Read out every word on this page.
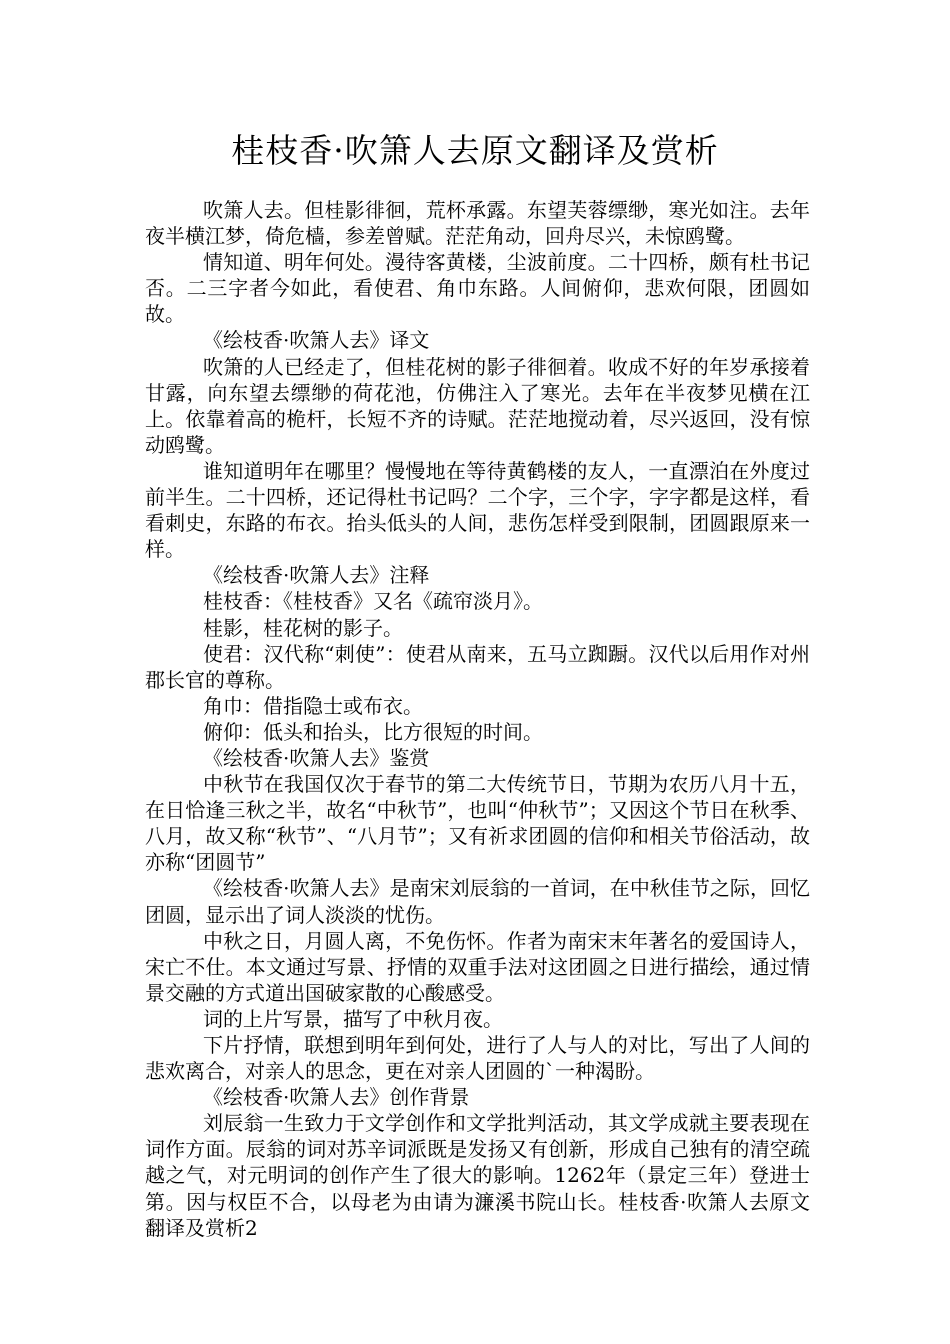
桂枝香·吹箫人去原文翻译及赏析

吹箫人去。但桂影徘徊，荒杯承露。东望芙蓉缥缈，寒光如注。去年夜半横江梦，倚危樯，参差曾赋。茫茫角动，回舟尽兴，未惊鸥鹭。

情知道、明年何处。漫待客黄楼，尘波前度。二十四桥，颇有杜书记否。二三字者今如此，看使君、角巾东路。人间俯仰，悲欢何限，团圆如故。

《绘枝香·吹箫人去》译文

吹箫的人已经走了，但桂花树的影子徘徊着。收成不好的年岁承接着甘露，向东望去缥缈的荷花池，仿佛注入了寒光。去年在半夜梦见横在江上。依靠着高的桅杆，长短不齐的诗赋。茫茫地搅动着，尽兴返回，没有惊动鸥鹭。

谁知道明年在哪里？慢慢地在等待黄鹤楼的友人，一直漂泊在外度过前半生。二十四桥，还记得杜书记吗？二个字，三个字，字字都是这样，看看刺史，东路的布衣。抬头低头的人间，悲伤怎样受到限制，团圆跟原来一样。

《绘枝香·吹箫人去》注释

桂枝香：《桂枝香》又名《疏帘淡月》。

桂影，桂花树的影子。

使君：汉代称“刺使”：使君从南来，五马立踟蹰。汉代以后用作对州郡长官的尊称。

角巾：借指隐士或布衣。

俯仰：低头和抬头，比方很短的时间。

《绘枝香·吹箫人去》鉴赏

中秋节在我国仅次于春节的第二大传统节日，节期为农历八月十五，在日恰逢三秋之半，故名“中秋节”，也叫“仲秋节”；又因这个节日在秋季、八月，故又称“秋节”、“八月节”；又有祈求团圆的信仰和相关节俗活动，故亦称“团圆节”

《绘枝香·吹箫人去》是南宋刘辰翁的一首词，在中秋佳节之际，回忆团圆，显示出了词人淡淡的忧伤。

中秋之日，月圆人离，不免伤怀。作者为南宋末年著名的爱国诗人，宋亡不仕。本文通过写景、抒情的双重手法对这团圆之日进行描绘，通过情景交融的方式道出国破家散的心酸感受。

词的上片写景，描写了中秋月夜。

下片抒情，联想到明年到何处，进行了人与人的对比，写出了人间的悲欢离合，对亲人的思念，更在对亲人团圆的`一种渴盼。

《绘枝香·吹箫人去》创作背景

刘辰翁一生致力于文学创作和文学批判活动，其文学成就主要表现在词作方面。辰翁的词对苏辛词派既是发扬又有创新，形成自己独有的清空疏越之气，对元明词的创作产生了很大的影响。1262年（景定三年）登进士第。因与权臣不合，以母老为由请为濂溪书院山长。桂枝香·吹箫人去原文翻译及赏析2
